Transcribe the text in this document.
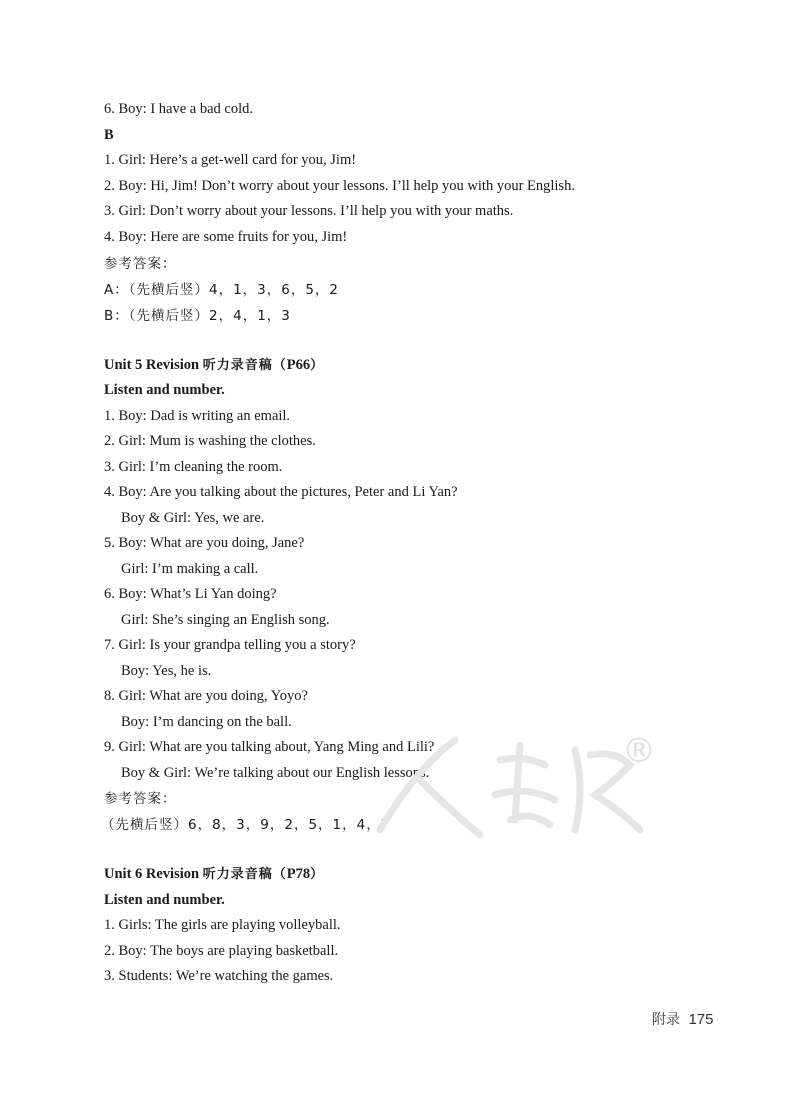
6. Boy: I have a bad cold.
B
1. Girl: Here’s a get-well card for you, Jim!
2. Boy: Hi, Jim! Don’t worry about your lessons. I’ll help you with your English.
3. Girl: Don’t worry about your lessons. I’ll help you with your maths.
4. Boy: Here are some fruits for you, Jim!
参考答案：
A：（先横后竖）4，1，3，6，5，2
B：（先横后竖）2，4，1，3
Unit 5 Revision 听力录音稿（P66）
Listen and number.
1. Boy: Dad is writing an email.
2. Girl: Mum is washing the clothes.
3. Girl: I’m cleaning the room.
4. Boy: Are you talking about the pictures, Peter and Li Yan?
Boy & Girl: Yes, we are.
5. Boy: What are you doing, Jane?
Girl: I’m making a call.
6. Boy: What’s Li Yan doing?
Girl: She’s singing an English song.
7. Girl: Is your grandpa telling you a story?
Boy: Yes, he is.
8. Girl: What are you doing, Yoyo?
Boy: I’m dancing on the ball.
9. Girl: What are you talking about, Yang Ming and Lili?
Boy & Girl: We’re talking about our English lessons.
参考答案：
（先横后竖）6，8，3，9，2，5，1，4，7
Unit 6 Revision 听力录音稿（P78）
Listen and number.
1. Girls: The girls are playing volleyball.
2. Boy: The boys are playing basketball.
3. Students: We’re watching the games.
®
附录 175
